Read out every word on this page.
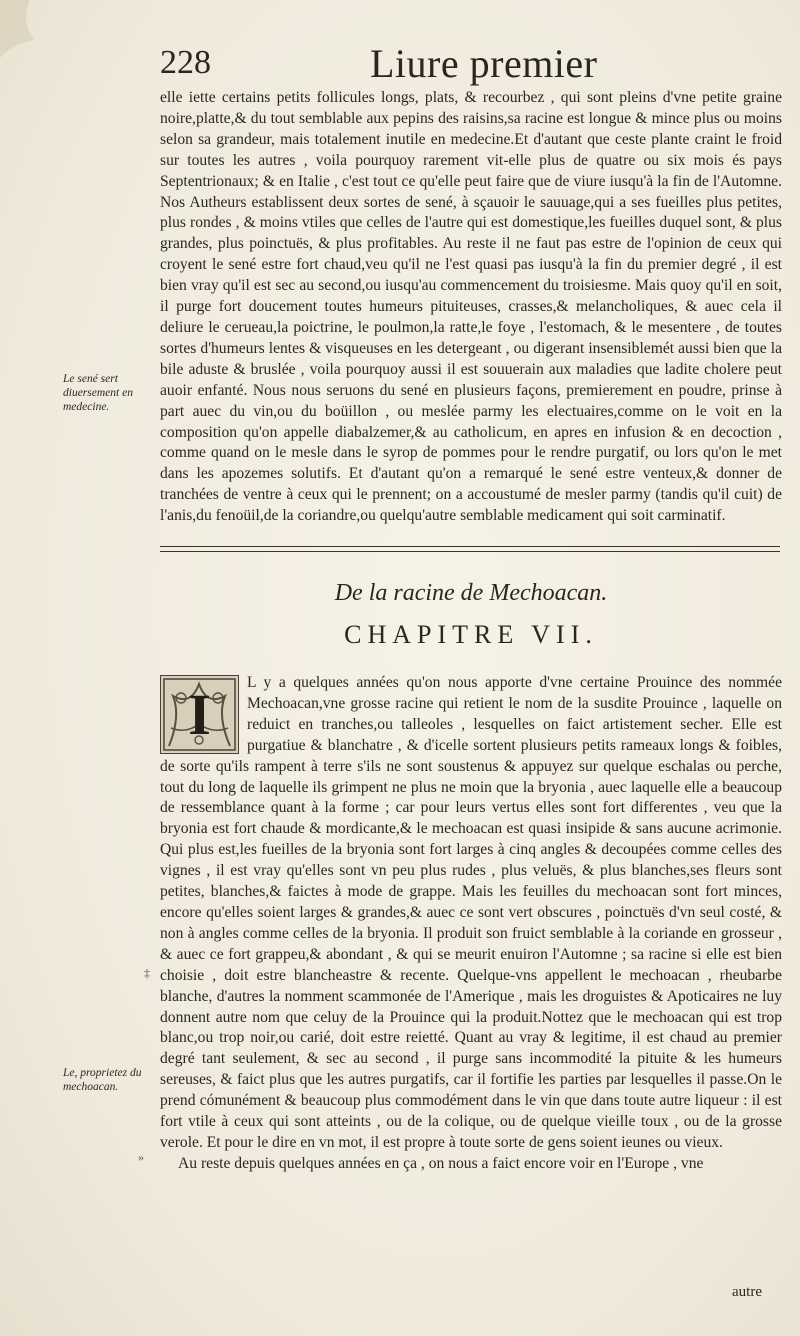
228	Liure premier

elle iette certains petits follicules longs, plats, & recourbez , qui sont pleins d'vne petite graine noire,platte,& du tout semblable aux pepins des raisins,sa racine est longue & mince plus ou moins selon sa grandeur, mais totalement inutile en medecine.Et d'autant que ceste plante craint le froid sur toutes les autres , voila pourquoy rarement vit-elle plus de quatre ou six mois és pays Septentrionaux; & en Italie , c'est tout ce qu'elle peut faire que de viure iusqu'à la fin de l'Automne. Nos Autheurs establissent deux sortes de sené, à sçauoir le sauuage,qui a ses fueilles plus petites, plus rondes , & moins vtiles que celles de l'autre qui est domestique,les fueilles duquel sont, & plus grandes, plus poinctuës, & plus profitables. Au reste il ne faut pas estre de l'opinion de ceux qui croyent le sené estre fort chaud,veu qu'il ne l'est quasi pas iusqu'à la fin du premier degré , il est bien vray qu'il est sec au second,ou iusqu'au commencement du troisiesme. Mais quoy qu'il en soit, il purge fort doucement toutes humeurs pituiteuses, crasses,& melancholiques, & auec cela il deliure le cerueau,la poictrine, le poulmon,la ratte,le foye , l'estomach, & le mesentere , de toutes sortes d'humeurs lentes & visqueuses en les detergeant , ou digerant insensiblemét aussi bien que la bile aduste & bruslée , voila pourquoy aussi il est souuerain aux maladies que ladite cholere peut auoir enfanté. Nous nous seruons du sené en plusieurs façons, premierement en poudre, prinse à part auec du vin,ou du boüillon , ou meslée parmy les electuaires,comme on le voit en la composition qu'on appelle diabalzemer,& au catholicum, en apres en infusion & en decoction , comme quand on le mesle dans le syrop de pommes pour le rendre purgatif, ou lors qu'on le met dans les apozemes solutifs. Et d'autant qu'on a remarqué le sené estre venteux,& donner de tranchées de ventre à ceux qui le prennent; on a accoustumé de mesler parmy (tandis qu'il cuit) de l'anis,du fenoüil,de la coriandre,ou quelqu'autre semblable medicament qui soit carminatif.

Le sené sert diuersement en medecine.
De la racine de Mechoacan.
CHAPITRE VII.
I	L y a quelques années qu'on nous apporte d'vne certaine Prouince des nommée Mechoacan,vne grosse racine qui retient le nom de la susdite Prouince , laquelle on reduict en tranches,ou talleoles , lesquelles on faict artistement secher. Elle est purgatiue & blanchatre , & d'icelle sortent plusieurs petits rameaux longs & foibles, de sorte qu'ils rampent à terre s'ils ne sont soustenus & appuyez sur quelque eschalas ou perche, tout du long de laquelle ils grimpent ne plus ne moin que la bryonia , auec laquelle elle a beaucoup de ressemblance quant à la forme ; car pour leurs vertus elles sont fort differentes , veu que la bryonia est fort chaude & mordicante,& le mechoacan est quasi insipide & sans aucune acrimonie. Qui plus est,les fueilles de la bryonia sont fort larges à cinq angles & decoupées comme celles des vignes , il est vray qu'elles sont vn peu plus rudes , plus veluës, & plus blanches,ses fleurs sont petites, blanches,& faictes à mode de grappe. Mais les feuilles du mechoacan sont fort minces, encore qu'elles soient larges & grandes,& auec ce sont vert obscures , poinctuës d'vn seul costé, & non à angles comme celles de la bryonia. Il produit son fruict semblable à la coriande en grosseur , & auec ce fort grappeu,& abondant , & qui se meurit enuiron l'Automne ; sa racine si elle est bien choisie , doit estre blancheastre & recente. Quelque-vns appellent le mechoacan , rheubarbe blanche, d'autres la nomment scammonée de l'Amerique , mais les droguistes & Apoticaires ne luy donnent autre nom que celuy de la Prouince qui la produit.Nottez que le mechoacan qui est trop blanc,ou trop noir,ou carié, doit estre reietté. Quant au vray & legitime, il est chaud au premier degré tant seulement, & sec au second , il purge sans incommodité la pituite & les humeurs sereuses, & faict plus que les autres purgatifs, car il fortifie les parties par lesquelles il passe.On le prend cómunément & beaucoup plus commodément dans le vin que dans toute autre liqueur : il est fort vtile à ceux qui sont atteints , ou de la colique, ou de quelque vieille toux , ou de la grosse verole. Et pour le dire en vn mot, il est propre à toute sorte de gens soient ieunes ou vieux.

Au reste depuis quelques années en ça , on nous a faict encore voir en l'Europe , vne

Le, proprietez du mechoacan.
‡
»
autre
